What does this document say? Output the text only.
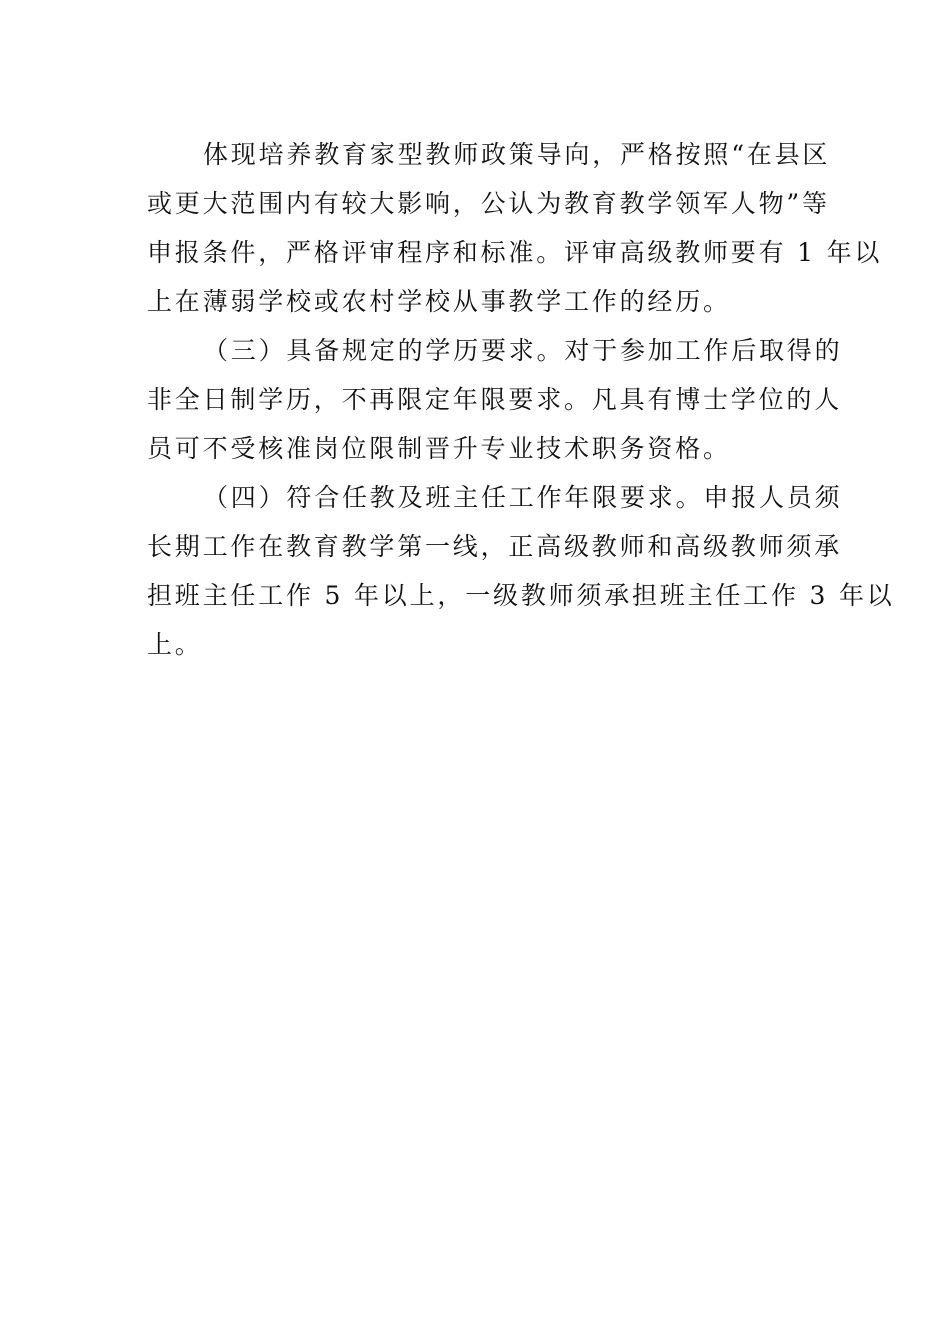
体现培养教育家型教师政策导向，严格按照“在县区
或更大范围内有较大影响，公认为教育教学领军人物”等
申报条件，严格评审程序和标准。评审高级教师要有 1 年以
上在薄弱学校或农村学校从事教学工作的经历。
（三）具备规定的学历要求。对于参加工作后取得的
非全日制学历，不再限定年限要求。凡具有博士学位的人
员可不受核准岗位限制晋升专业技术职务资格。
（四）符合任教及班主任工作年限要求。申报人员须
长期工作在教育教学第一线，正高级教师和高级教师须承
担班主任工作 5 年以上，一级教师须承担班主任工作 3 年以
上。
